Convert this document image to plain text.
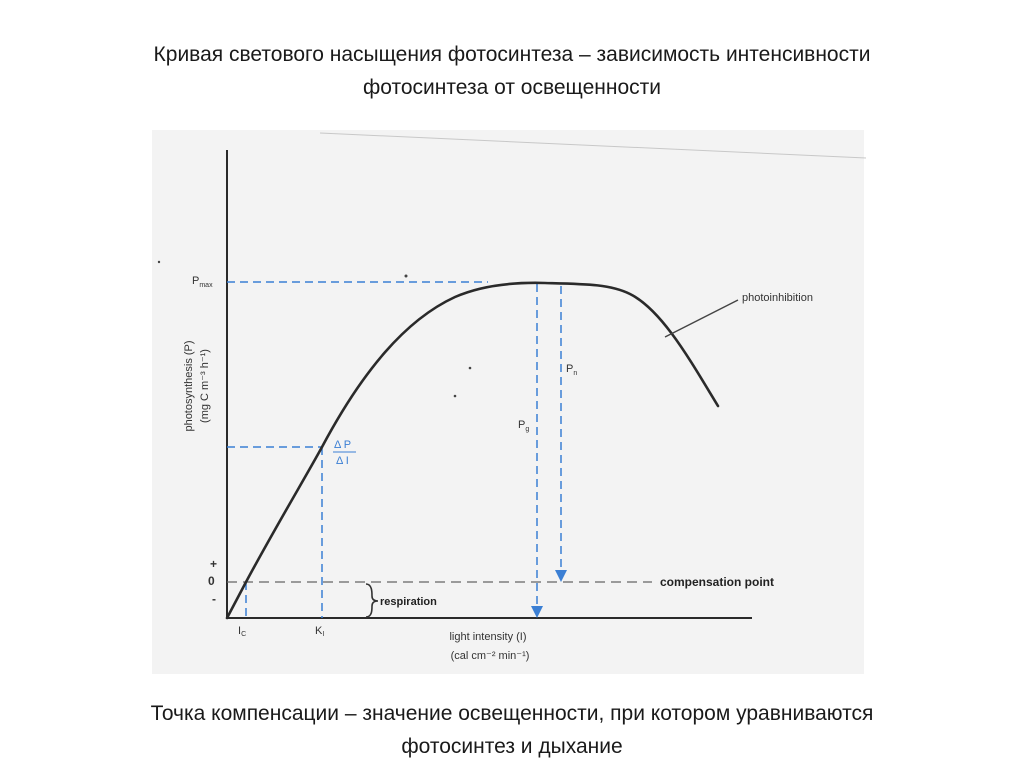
Кривая светового насыщения фотосинтеза – зависимость интенсивности
фотосинтеза от освещенности
$P_{max}$
photosynthesis (P) (mg C m⁻³ h⁻¹)
+
0
-
IC	KI
Δ P
Δ I
$P_n$
$P_g$
photoinhibition
compensation point
respiration
light intensity (I)
(cal cm⁻² min⁻¹)
Точка компенсации – значение освещенности, при котором уравниваются
фотосинтез и дыхание
